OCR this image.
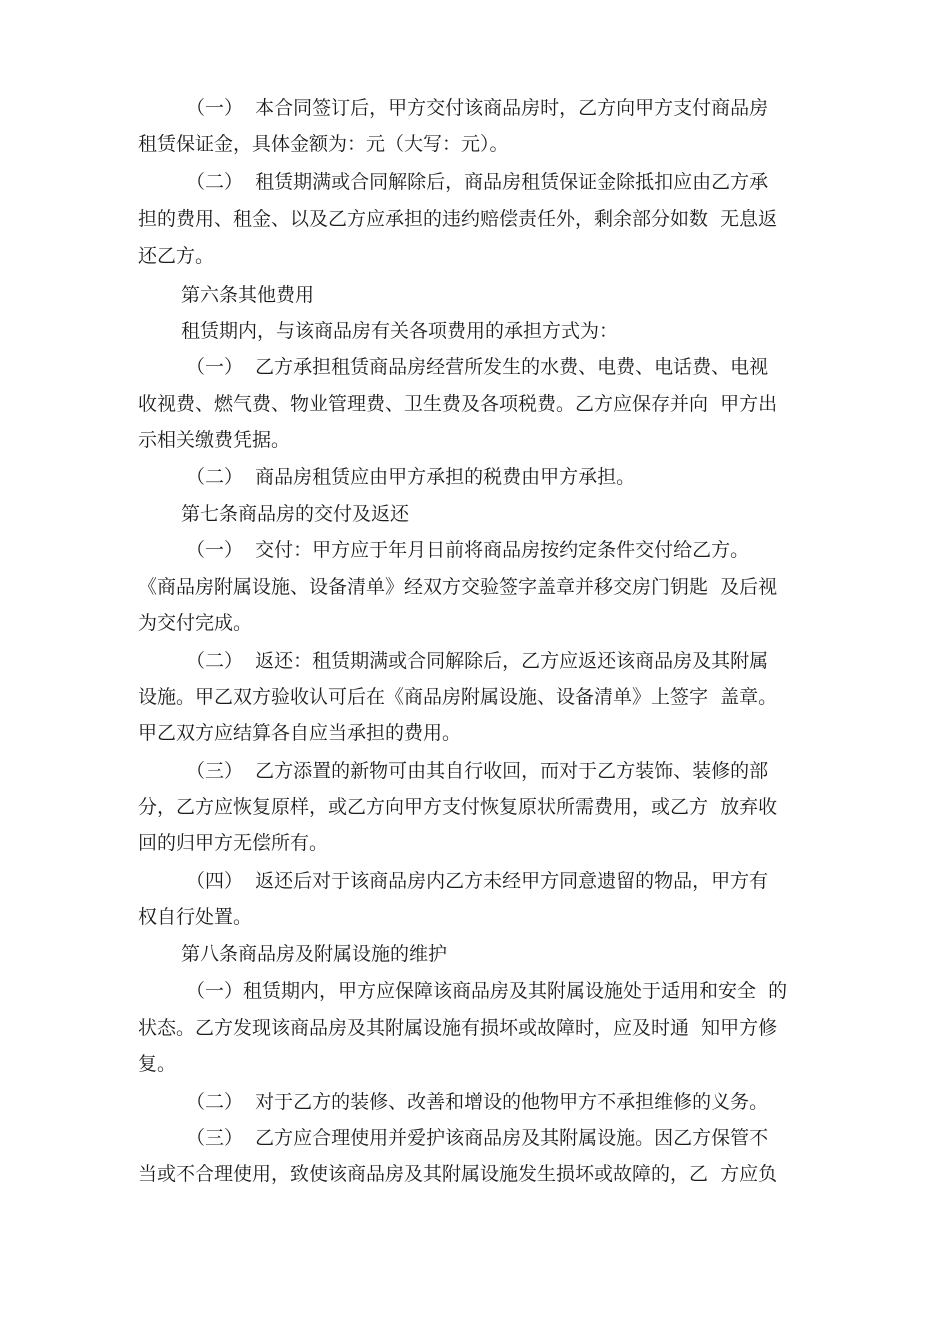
（一）  本合同签订后，甲方交付该商品房时，乙方向甲方支付商品房
租赁保证金，具体金额为：元（大写：元）。
（二）  租赁期满或合同解除后，商品房租赁保证金除抵扣应由乙方承
担的费用、租金、以及乙方应承担的违约赔偿责任外，剩余部分如数  无息返
还乙方。
第六条其他费用
租赁期内，与该商品房有关各项费用的承担方式为：
（一）  乙方承担租赁商品房经营所发生的水费、电费、电话费、电视
收视费、燃气费、物业管理费、卫生费及各项税费。乙方应保存并向  甲方出
示相关缴费凭据。
（二）  商品房租赁应由甲方承担的税费由甲方承担。
第七条商品房的交付及返还
（一）  交付：甲方应于年月日前将商品房按约定条件交付给乙方。
《商品房附属设施、设备清单》经双方交验签字盖章并移交房门钥匙  及后视
为交付完成。
（二）  返还：租赁期满或合同解除后，乙方应返还该商品房及其附属
设施。甲乙双方验收认可后在《商品房附属设施、设备清单》上签字  盖章。
甲乙双方应结算各自应当承担的费用。
（三）  乙方添置的新物可由其自行收回，而对于乙方装饰、装修的部
分，乙方应恢复原样，或乙方向甲方支付恢复原状所需费用，或乙方  放弃收
回的归甲方无偿所有。
（四）  返还后对于该商品房内乙方未经甲方同意遗留的物品，甲方有
权自行处置。
第八条商品房及附属设施的维护
（一）租赁期内，甲方应保障该商品房及其附属设施处于适用和安全  的
状态。乙方发现该商品房及其附属设施有损坏或故障时，应及时通  知甲方修
复。
（二）  对于乙方的装修、改善和增设的他物甲方不承担维修的义务。
（三）  乙方应合理使用并爱护该商品房及其附属设施。因乙方保管不
当或不合理使用，致使该商品房及其附属设施发生损坏或故障的，乙  方应负
